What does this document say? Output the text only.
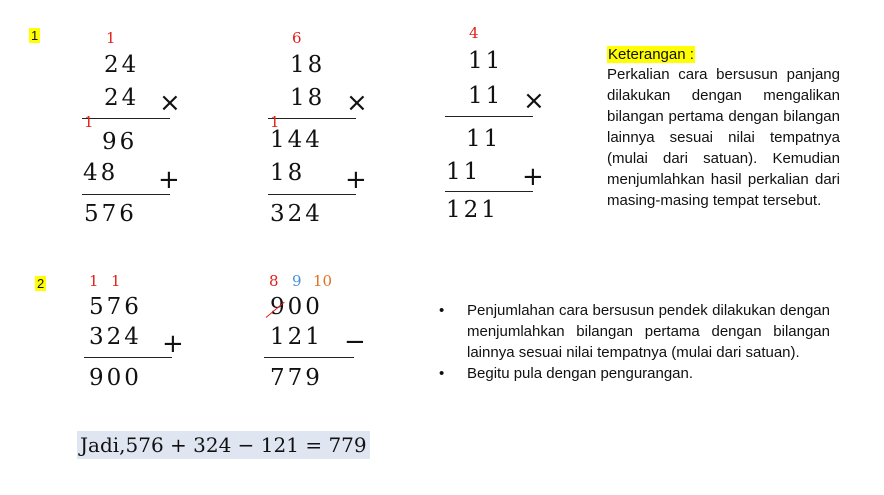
1	1
24
24 ×
1
96
48 +
576
6
18
18 ×
1
144
18 +
324
4
11
11 ×
11
11 +
121
Keterangan :
Perkalian cara bersusun panjang dilakukan dengan mengalikan bilangan pertama dengan bilangan lainnya sesuai nilai tempatnya (mulai dari satuan). Kemudian menjumlahkan hasil perkalian dari masing-masing tempat tersebut.
2	1 1
576
324 +
900
8 9 10
900
121 −
779
• Penjumlahan cara bersusun pendek dilakukan dengan menjumlahkan bilangan pertama dengan bilangan lainnya sesuai nilai tempatnya (mulai dari satuan).
• Begitu pula dengan pengurangan.
Jadi,576 + 324 − 121 = 779
